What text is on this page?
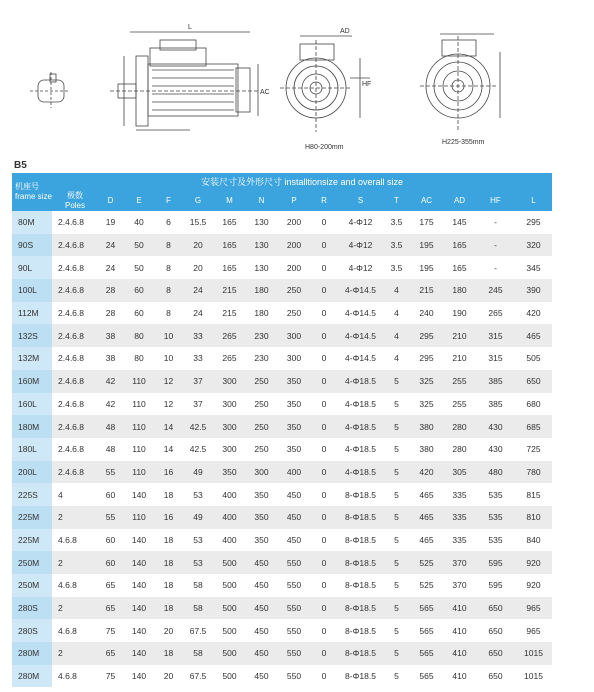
L
AC
AD
HF
H80-200mm
H225-355mm
B5
机座号
frame size	安装尺寸及外形尺寸 installtionsize and overall size														

	极数
Poles	D	E	F	G	M	N	P	R	S	T	AC	AD	HF	L
80M	2.4.6.8	19	40	6	15.5	165	130	200	0	4-Φ12	3.5	175	145	-	295
90S	2.4.6.8	24	50	8	20	165	130	200	0	4-Φ12	3.5	195	165	-	320
90L	2.4.6.8	24	50	8	20	165	130	200	0	4-Φ12	3.5	195	165	-	345
100L	2.4.6.8	28	60	8	24	215	180	250	0	4-Φ14.5	4	215	180	245	390
112M	2.4.6.8	28	60	8	24	215	180	250	0	4-Φ14.5	4	240	190	265	420
132S	2.4.6.8	38	80	10	33	265	230	300	0	4-Φ14.5	4	295	210	315	465
132M	2.4.6.8	38	80	10	33	265	230	300	0	4-Φ14.5	4	295	210	315	505
160M	2.4.6.8	42	110	12	37	300	250	350	0	4-Φ18.5	5	325	255	385	650
160L	2.4.6.8	42	110	12	37	300	250	350	0	4-Φ18.5	5	325	255	385	680
180M	2.4.6.8	48	110	14	42.5	300	250	350	0	4-Φ18.5	5	380	280	430	685
180L	2.4.6.8	48	110	14	42.5	300	250	350	0	4-Φ18.5	5	380	280	430	725
200L	2.4.6.8	55	110	16	49	350	300	400	0	4-Φ18.5	5	420	305	480	780
225S	4	60	140	18	53	400	350	450	0	8-Φ18.5	5	465	335	535	815
225M	2	55	110	16	49	400	350	450	0	8-Φ18.5	5	465	335	535	810
225M	4.6.8	60	140	18	53	400	350	450	0	8-Φ18.5	5	465	335	535	840
250M	2	60	140	18	53	500	450	550	0	8-Φ18.5	5	525	370	595	920
250M	4.6.8	65	140	18	58	500	450	550	0	8-Φ18.5	5	525	370	595	920
280S	2	65	140	18	58	500	450	550	0	8-Φ18.5	5	565	410	650	965
280S	4.6.8	75	140	20	67.5	500	450	550	0	8-Φ18.5	5	565	410	650	965
280M	2	65	140	18	58	500	450	550	0	8-Φ18.5	5	565	410	650	1015
280M	4.6.8	75	140	20	67.5	500	450	550	0	8-Φ18.5	5	565	410	650	1015
